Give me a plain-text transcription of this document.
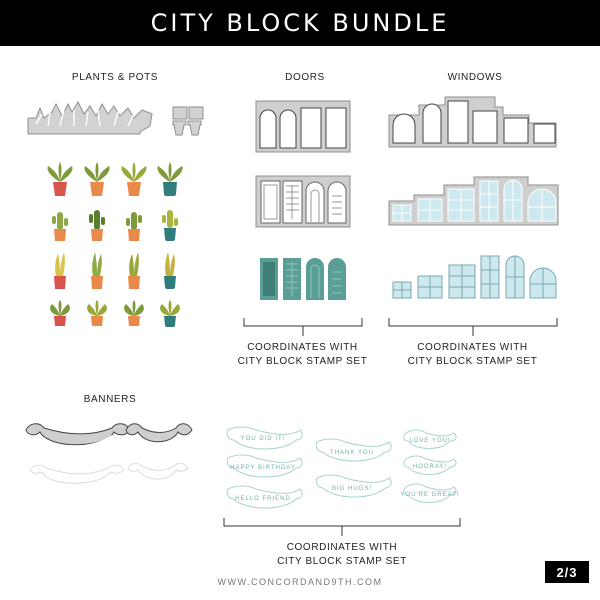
CITY BLOCK BUNDLE
PLANTS & POTS	DOORS	WINDOWS
BANNERS
COORDINATES WITH
CITY BLOCK STAMP SET
COORDINATES WITH
CITY BLOCK STAMP SET
COORDINATES WITH
CITY BLOCK STAMP SET
YOU DID IT!
THANK YOU
LOVE YOU!
HAPPY BIRTHDAY	HOORAY!
HELLO FRIEND
BIG HUGS!
YOU'RE GREAT!
WWW.CONCORDAND9TH.COM
2/3
